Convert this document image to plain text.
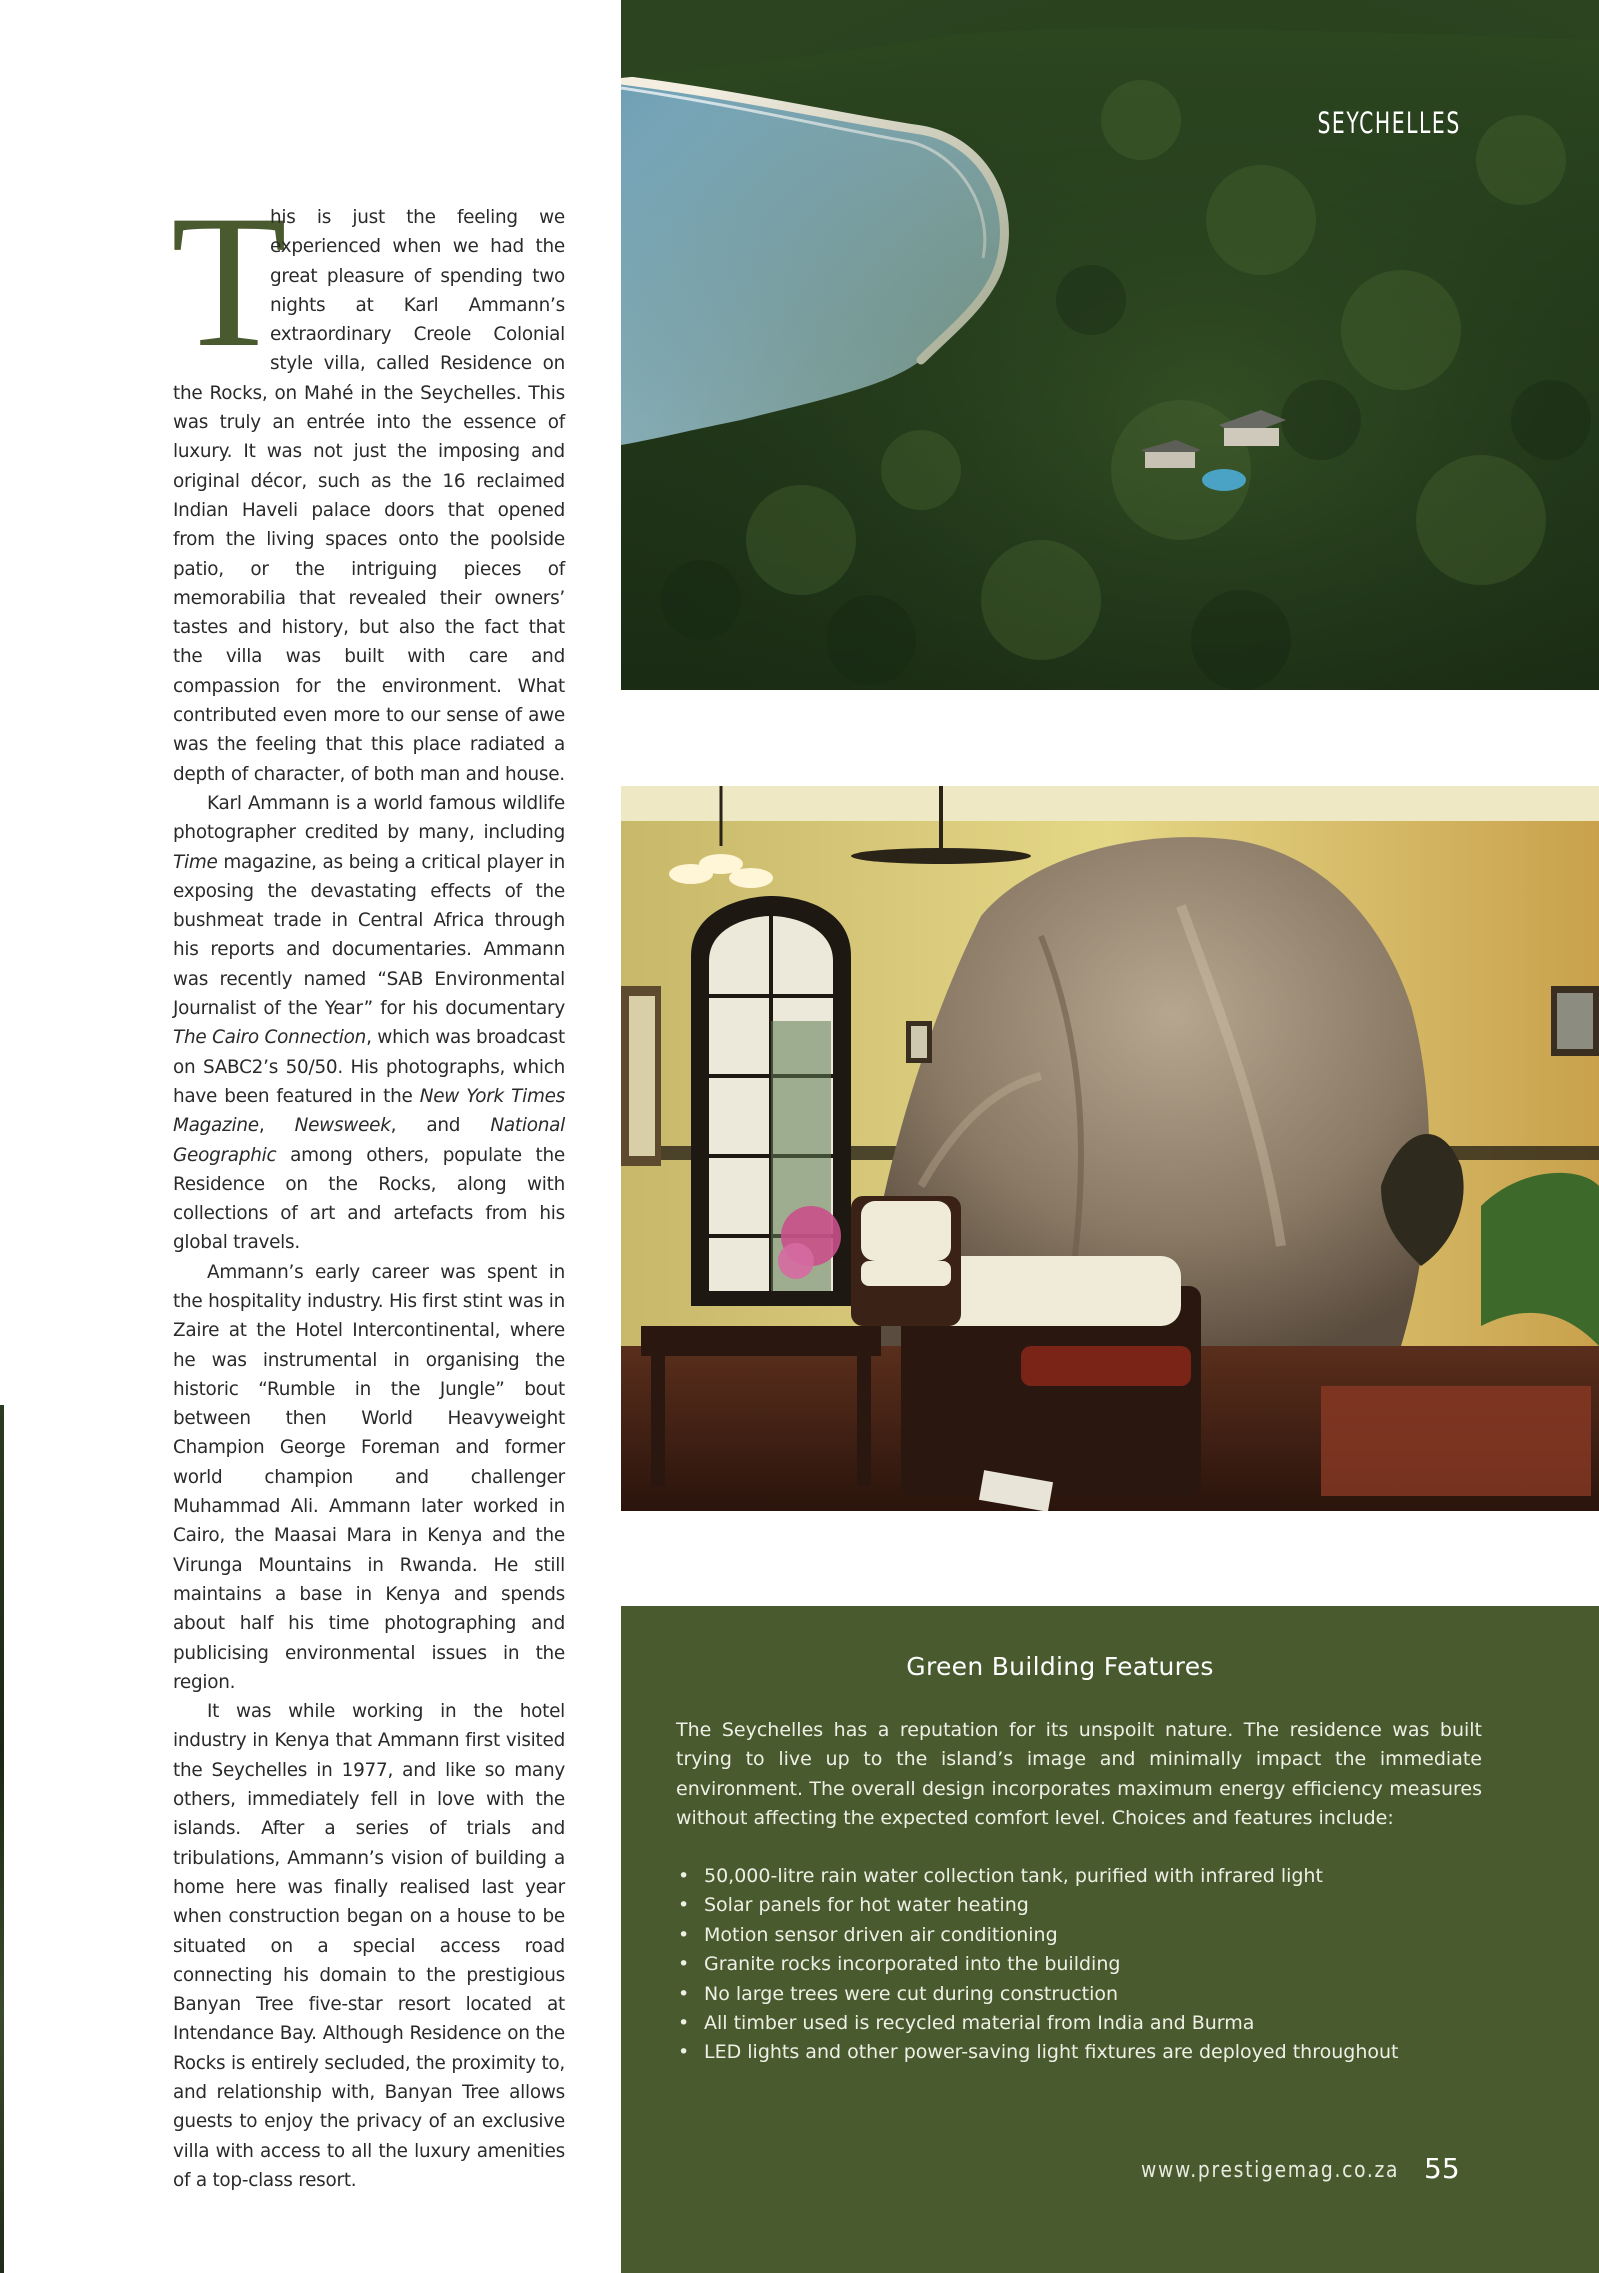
T
his is just the feeling we experienced when we had the great pleasure of spending two nights at Karl Ammann’s extraordinary Creole Colonial style villa, called Residence on the Rocks, on Mahé in the Seychelles. This was truly an entrée into the essence of luxury. It was not just the imposing and original décor, such as the 16 reclaimed Indian Haveli palace doors that opened from the living spaces onto the poolside patio, or the intriguing pieces of memorabilia that revealed their owners’ tastes and history, but also the fact that the villa was built with care and compassion for the environment. What contributed even more to our sense of awe was the feeling that this place radiated a depth of character, of both man and house.

Karl Ammann is a world famous wildlife photographer credited by many, including Time magazine, as being a critical player in exposing the devastating effects of the bushmeat trade in Central Africa through his reports and documentaries. Ammann was recently named “SAB Environmental Journalist of the Year” for his documentary The Cairo Connection, which was broadcast on SABC2’s 50/50. His photographs, which have been featured in the New York Times Magazine, Newsweek, and National Geographic among others, populate the Residence on the Rocks, along with collections of art and artefacts from his global travels.

Ammann’s early career was spent in the hospitality industry. His first stint was in Zaire at the Hotel Intercontinental, where he was instrumental in organising the historic “Rumble in the Jungle” bout between then World Heavyweight Champion George Foreman and former world champion and challenger Muhammad Ali. Ammann later worked in Cairo, the Maasai Mara in Kenya and the Virunga Mountains in Rwanda. He still maintains a base in Kenya and spends about half his time photographing and publicising environmental issues in the region.

It was while working in the hotel industry in Kenya that Ammann first visited the Seychelles in 1977, and like so many others, immediately fell in love with the islands. After a series of trials and tribulations, Ammann’s vision of building a home here was finally realised last year when construction began on a house to be situated on a special access road connecting his domain to the prestigious Banyan Tree five-star resort located at Intendance Bay. Although Residence on the Rocks is entirely secluded, the proximity to, and relationship with, Banyan Tree allows guests to enjoy the privacy of an exclusive villa with access to all the luxury amenities of a top-class resort.

SEYCHELLES
Green Building Features

The Seychelles has a reputation for its unspoilt nature. The residence was built trying to live up to the island’s image and minimally impact the immediate environment. The overall design incorporates maximum energy efficiency measures without affecting the expected comfort level. Choices and features include:

• 50,000-litre rain water collection tank, purified with infrared light
• Solar panels for hot water heating
• Motion sensor driven air conditioning
• Granite rocks incorporated into the building
• No large trees were cut during construction
• All timber used is recycled material from India and Burma
• LED lights and other power-saving light fixtures are deployed throughout
www.prestigemag.co.za 55
